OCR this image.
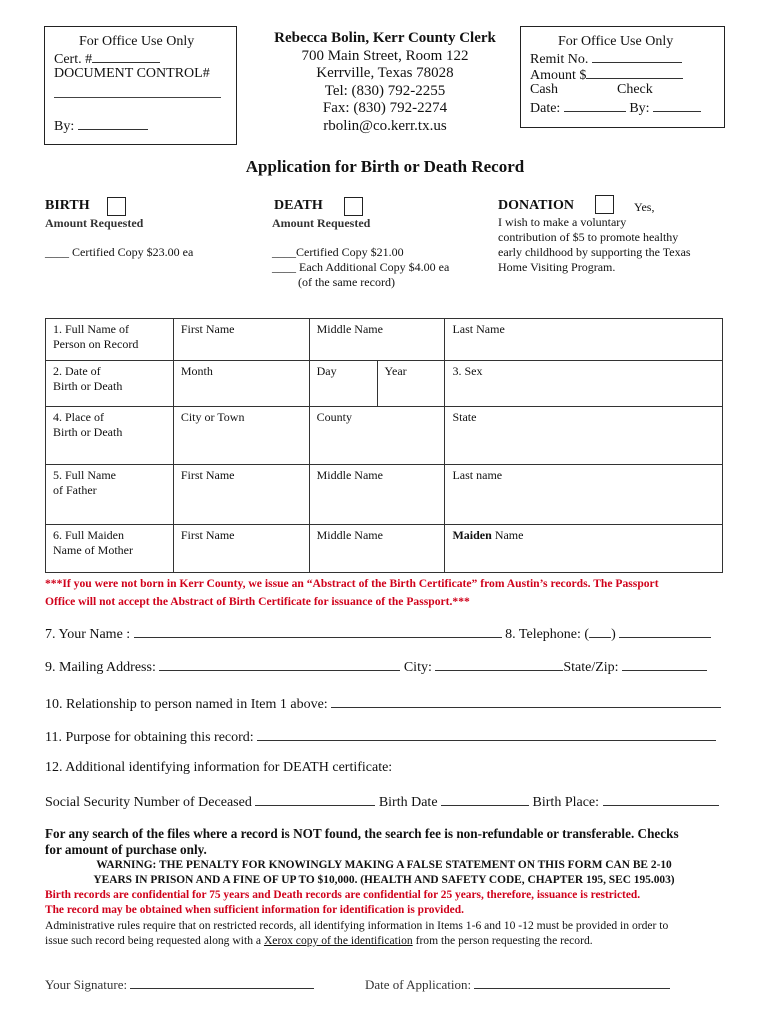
For Office Use Only
Cert. #
DOCUMENT CONTROL#
By:
Rebecca Bolin, Kerr County Clerk
700 Main Street, Room 122
Kerrville, Texas 78028
Tel: (830) 792-2255
Fax: (830) 792-2274
rbolin@co.kerr.tx.us
For Office Use Only
Remit No.
Amount $
Cash	Check
Date:	By:
Application for Birth or Death Record
BIRTH
Amount Requested
____ Certified Copy $23.00 ea
DEATH
Amount Requested
____Certified Copy $21.00
____ Each Additional Copy $4.00 ea
(of the same record)
DONATION	Yes,
I wish to make a voluntary
contribution of $5 to promote healthy
early childhood by supporting the Texas
Home Visiting Program.
1. Full Name of
Person on Record	First Name	Middle Name		Last Name
2. Date of
Birth or Death	Month	Day	Year	3. Sex
4. Place of
Birth or Death	City or Town	County		State
5. Full Name
of Father	First Name	Middle Name		Last name
6. Full Maiden
Name of Mother	First Name	Middle Name		Maiden Name
***If you were not born in Kerr County, we issue an “Abstract of the Birth Certificate” from Austin’s records. The Passport
Office will not accept the Abstract of Birth Certificate for issuance of the Passport.***
7. Your Name :	8. Telephone: ( )
9. Mailing Address:	City:	State/Zip:
10. Relationship to person named in Item 1 above:
11. Purpose for obtaining this record:
12. Additional identifying information for DEATH certificate:
Social Security Number of Deceased	Birth Date	Birth Place:
For any search of the files where a record is NOT found, the search fee is non-refundable or transferable. Checks
for amount of purchase only.
WARNING: THE PENALTY FOR KNOWINGLY MAKING A FALSE STATEMENT ON THIS FORM CAN BE 2-10
YEARS IN PRISON AND A FINE OF UP TO $10,000. (HEALTH AND SAFETY CODE, CHAPTER 195, SEC 195.003)
Birth records are confidential for 75 years and Death records are confidential for 25 years, therefore, issuance is restricted.
The record may be obtained when sufficient information for identification is provided.
Administrative rules require that on restricted records, all identifying information in Items 1-6 and 10 -12 must be provided in order to
issue such record being requested along with a Xerox copy of the identification from the person requesting the record.
Your Signature:	Date of Application:
